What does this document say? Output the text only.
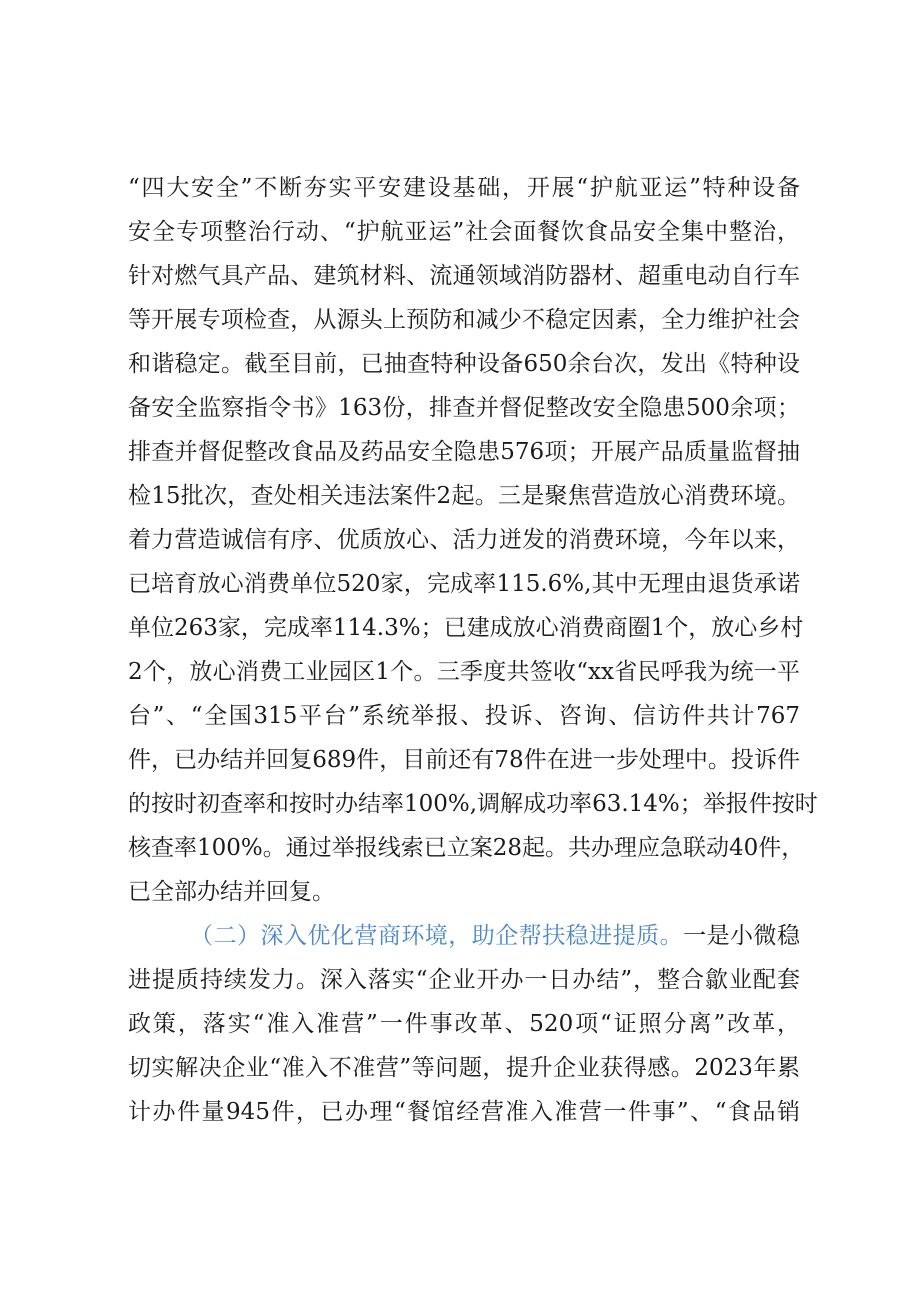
“四大安全”不断夯实平安建设基础，开展“护航亚运”特种设备
安全专项整治行动、“护航亚运”社会面餐饮食品安全集中整治，
针对燃气具产品、建筑材料、流通领域消防器材、超重电动自行车
等开展专项检查，从源头上预防和减少不稳定因素，全力维护社会
和谐稳定。截至目前，已抽查特种设备650余台次，发出《特种设
备安全监察指令书》163份，排查并督促整改安全隐患500余项；
排查并督促整改食品及药品安全隐患576项；开展产品质量监督抽
检15批次，查处相关违法案件2起。三是聚焦营造放心消费环境。
着力营造诚信有序、优质放心、活力迸发的消费环境，今年以来，
已培育放心消费单位520家，完成率115.6%,其中无理由退货承诺
单位263家，完成率114.3%；已建成放心消费商圈1个，放心乡村
2个，放心消费工业园区1个。三季度共签收“xx省民呼我为统一平
台”、“全国315平台”系统举报、投诉、咨询、信访件共计767
件，已办结并回复689件，目前还有78件在进一步处理中。投诉件
的按时初查率和按时办结率100%,调解成功率63.14%；举报件按时
核查率100%。通过举报线索已立案28起。共办理应急联动40件，
已全部办结并回复。
（二）深入优化营商环境，助企帮扶稳进提质。一是小微稳
进提质持续发力。深入落实“企业开办一日办结”，整合歙业配套
政策，落实“准入准营”一件事改革、520项“证照分离”改革，
切实解决企业“准入不准营”等问题，提升企业获得感。2023年累
计办件量945件，已办理“餐馆经营准入准营一件事”、“食品销
